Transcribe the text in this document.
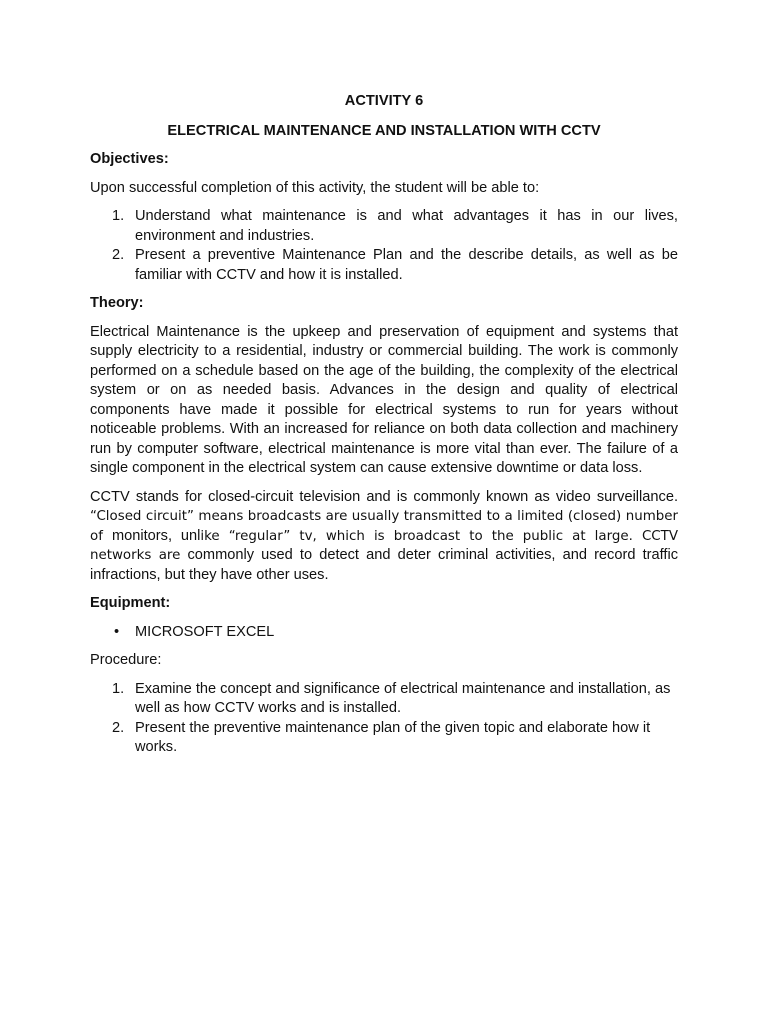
ACTIVITY 6

ELECTRICAL MAINTENANCE AND INSTALLATION WITH CCTV

Objectives:

Upon successful completion of this activity, the student will be able to:

1. Understand what maintenance is and what advantages it has in our lives, environment and industries.
2. Present a preventive Maintenance Plan and the describe details, as well as be familiar with CCTV and how it is installed.

Theory:

Electrical Maintenance is the upkeep and preservation of equipment and systems that supply electricity to a residential, industry or commercial building. The work is commonly performed on a schedule based on the age of the building, the complexity of the electrical system or on as needed basis. Advances in the design and quality of electrical components have made it possible for electrical systems to run for years without noticeable problems. With an increased for reliance on both data collection and machinery run by computer software, electrical maintenance is more vital than ever. The failure of a single component in the electrical system can cause extensive downtime or data loss.

CCTV stands for closed-circuit television and is commonly known as video surveillance. “Closed circuit” means broadcasts are usually transmitted to a limited (closed) number of monitors, unlike “regular” tv, which is broadcast to the public at large. CCTV networks are commonly used to detect and deter criminal activities, and record traffic infractions, but they have other uses.

Equipment:

• MICROSOFT EXCEL

Procedure:

1. Examine the concept and significance of electrical maintenance and installation, as well as how CCTV works and is installed.
2. Present the preventive maintenance plan of the given topic and elaborate how it works.
